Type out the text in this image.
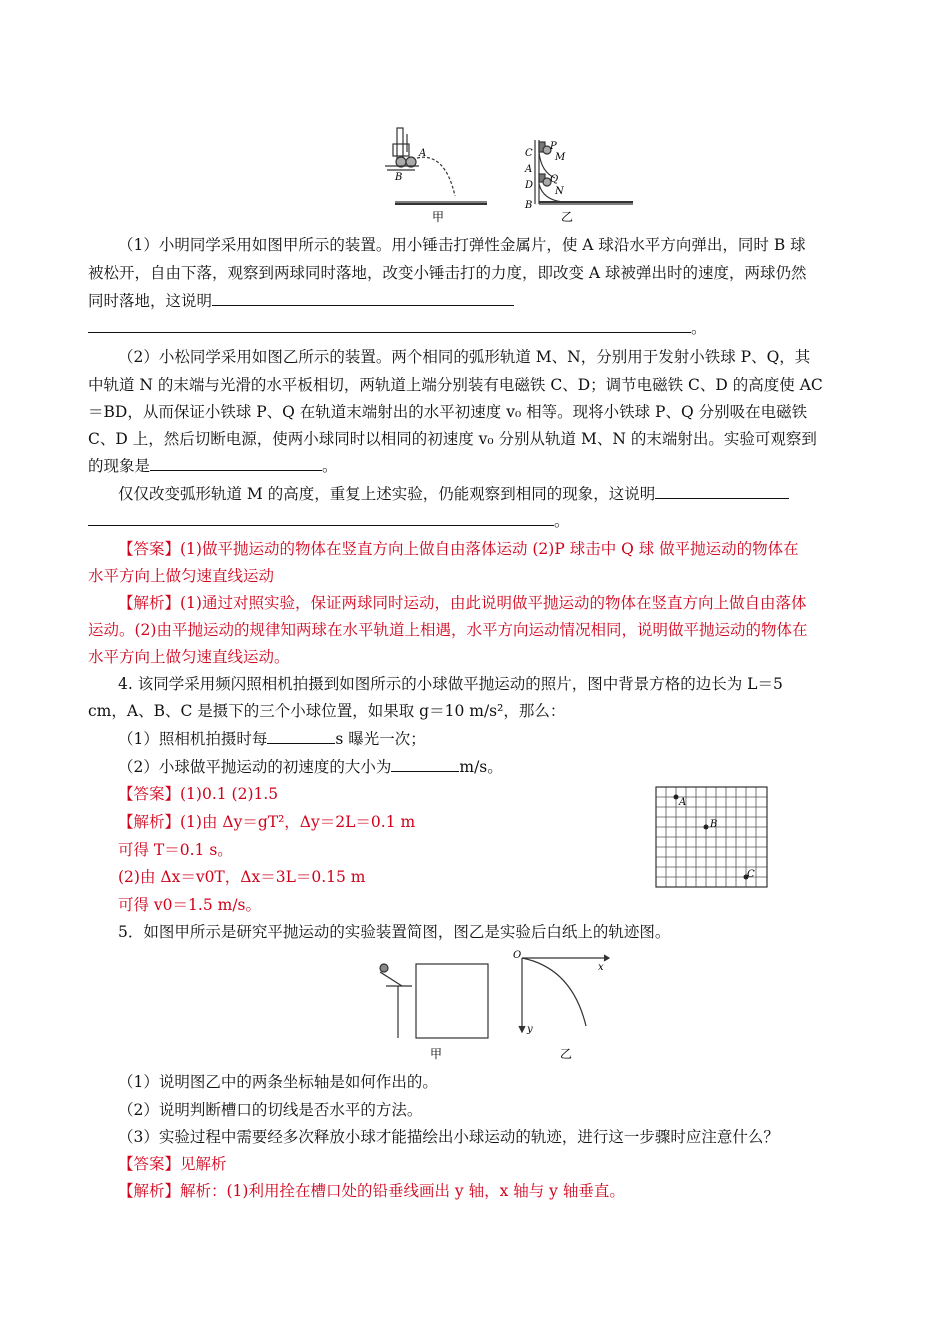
A
B
甲
C
A
D
B
P
M
Q
N
乙
（1）小明同学采用如图甲所示的装置。用小锤击打弹性金属片，使 A 球沿水平方向弹出，同时 B 球
被松开，自由下落，观察到两球同时落地，改变小锤击打的力度，即改变 A 球被弹出时的速度，两球仍然
同时落地，这说明
。
（2）小松同学采用如图乙所示的装置。两个相同的弧形轨道 M、N，分别用于发射小铁球 P、Q，其
中轨道 N 的末端与光滑的水平板相切，两轨道上端分别装有电磁铁 C、D；调节电磁铁 C、D 的高度使 AC
＝BD，从而保证小铁球 P、Q 在轨道末端射出的水平初速度 v₀ 相等。现将小铁球 P、Q 分别吸在电磁铁
C、D 上，然后切断电源，使两小球同时以相同的初速度 v₀ 分别从轨道 M、N 的末端射出。实验可观察到
的现象是	。
仅仅改变弧形轨道 M 的高度，重复上述实验，仍能观察到相同的现象，这说明
。
【答案】(1)做平抛运动的物体在竖直方向上做自由落体运动 (2)P 球击中 Q 球 做平抛运动的物体在
水平方向上做匀速直线运动
【解析】(1)通过对照实验，保证两球同时运动，由此说明做平抛运动的物体在竖直方向上做自由落体
运动。(2)由平抛运动的规律知两球在水平轨道上相遇，水平方向运动情况相同，说明做平抛运动的物体在
水平方向上做匀速直线运动。
4. 该同学采用频闪照相机拍摄到如图所示的小球做平抛运动的照片，图中背景方格的边长为 L＝5
cm，A、B、C 是摄下的三个小球位置，如果取 g＝10 m/s²，那么：
（1）照相机拍摄时每	s 曝光一次；
（2）小球做平抛运动的初速度的大小为	m/s。
【答案】(1)0.1 (2)1.5
【解析】(1)由 Δy＝gT²，Δy＝2L＝0.1 m
可得 T＝0.1 s。
(2)由 Δx＝v0T，Δx＝3L＝0.15 m
可得 v0＝1.5 m/s。
A
B
C
5．如图甲所示是研究平抛运动的实验装置简图，图乙是实验后白纸上的轨迹图。
甲
O
x
y
乙
（1）说明图乙中的两条坐标轴是如何作出的。
（2）说明判断槽口的切线是否水平的方法。
（3）实验过程中需要经多次释放小球才能描绘出小球运动的轨迹，进行这一步骤时应注意什么？
【答案】见解析
【解析】解析：(1)利用拴在槽口处的铅垂线画出 y 轴，x 轴与 y 轴垂直。
